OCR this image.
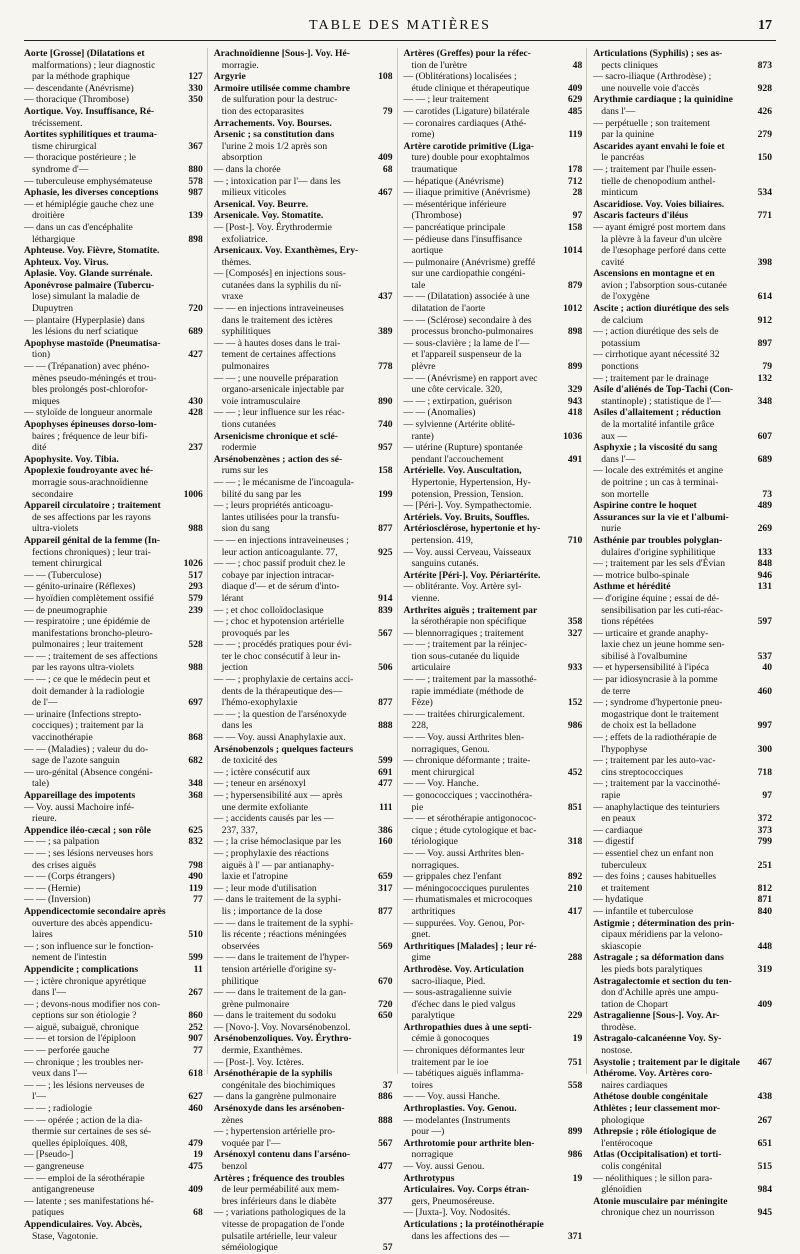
TABLE DES MATIÈRES	17
Aorte [Grosse] (Dilatations et
malformations) ; leur diagnostic
par la méthode graphique	127
— descendante (Anévrisme)	330
— thoracique (Thrombose)	350
Aortique. Voy. Insuffisance, Ré-
trécissement.
Aortites syphilitiques et trauma-
tisme chirurgical	367
— thoracique postérieure ; le
syndrome d'—	880
— tuberculeuse emphysémateuse	578
Aphasie, les diverses conceptions	987
— et hémiplégie gauche chez une
droitière	139
— dans un cas d'encéphalite
léthargique	898
Aphteuse. Voy. Fièvre, Stomatite.
Aphteux. Voy. Virus.
Aplasie. Voy. Glande surrénale.
Aponévrose palmaire (Tubercu-
lose) simulant la maladie de
Dupuytren	720
— plantaire (Hyperplasie) dans
les lésions du nerf sciatique	689
Apophyse mastoïde (Pneumatisa-
tion)	427
— — (Trépanation) avec phéno-
mènes pseudo-méningés et trou-
bles prolongés post-chlorofor-
miques	430
— styloïde de longueur anormale	428
Apophyses épineuses dorso-lom-
baires ; fréquence de leur bifi-
dité	237
Apophysite. Voy. Tibia.
Apoplexie foudroyante avec hé-
morragie sous-arachnoïdienne
secondaire	1006
Appareil circulatoire ; traitement
de ses affections par les rayons
ultra-violets	988
Appareil génital de la femme (In-
fections chroniques) ; leur trai-
tement chirurgical	1026
— — (Tuberculose)	517
— génito-urinaire (Réflexes)	293
— hyoïdien complètement ossifié	579
— de pneumographie	239
— respiratoire ; une épidémie de
manifestations broncho-pleuro-
pulmonaires ; leur traitement	528
— — ; traitement de ses affections
par les rayons ultra-violets	988
— — ; ce que le médecin peut et
doit demander à la radiologie
de l'—	697
— urinaire (Infections strepto-
cocciques) ; traitement par la
vaccinothérapie	868
— — (Maladies) ; valeur du do-
sage de l'azote sanguin	682
— uro-génital (Absence congéni-
tale)	348
Appareillage des impotents	368
— Voy. aussi Machoire infé-
rieure.
Appendice iléo-cæcal ; son rôle	625
— — ; sa palpation	832
— — ; ses lésions nerveuses hors
des crises aiguës	798
— — (Corps étrangers)	490
— — (Hernie)	119
— — (Inversion)	77
Appendicectomie secondaire après
ouverture des abcès appendicu-
laires	510
— ; son influence sur le fonction-
nement de l'intestin	599
Appendicite ; complications	11
— ; ictère chronique apyrétique
dans l'—	267
— ; devons-nous modifier nos con-
ceptions sur son étiologie ?	860
— aiguë, subaiguë, chronique	252
— — et torsion de l'épiploon	907
— — perforée gauche	77
— chronique ; les troubles ner-
veux dans l'—	618
— — ; les lésions nerveuses de
l'—	627
— — ; radiologie	460
— — opérée ; action de la dia-
thermie sur certaines de ses sé-
quelles épiploïques. 408,	479
— [Pseudo-]	19
— gangreneuse	475
— — emploi de la sérothérapie
antigangreneuse	409
— latente ; ses manifestations hé-
patiques	68
Appendiculaires. Voy. Abcès,
Stase, Vagotonie.
Arachnoïdienne [Sous-]. Voy. Hé-
morragie.
Argyrie	108
Armoire utilisée comme chambre
de sulfuration pour la destruc-
tion des ectoparasites	79
Arrachements. Voy. Bourses.
Arsenic ; sa constitution dans
l'urine 2 mois 1/2 après son
absorption	409
— dans la chorée	68
— ; intoxication par l'— dans les
milieux viticoles	467
Arsenical. Voy. Beurre.
Arsenicale. Voy. Stomatite.
— [Post-]. Voy. Érythrodermie
exfoliatrice.
Arsenicaux. Voy. Exanthèmes, Ery-
thèmes.
— [Composés] en injections sous-
cutanées dans la syphilis du nï-
vraxe	437
— — en injections intraveineuses
dans le traitement des ictères
syphilitiques	389
— — à hautes doses dans le trai-
tement de certaines affections
pulmonaires	778
— — ; une nouvelle préparation
organo-arsenicale injectable par
voie intramusculaire	890
— — ; leur influence sur les réac-
tions cutanées	740
Arsenicisme chronique et sclé-
rodermie	957
Arsénobenzènes ; action des sé-
rums sur les	158
— — ; le mécanisme de l'incoagula-
bilité du sang par les	199
— ; leurs propriétés anticoagu-
lantes utilisées pour la transfu-
sion du sang	877
— — en injections intraveineuses ;
leur action anticoagulante. 77,	925
— — ; choc passif produit chez le
cobaye par injection intracar-
diaque d'— et de sérum d'into-
lérant	914
— ; et choc colloïdoclasique	839
— ; choc et hypotension artérielle
provoqués par les	567
— — ; procédés pratiques pour évi-
ter le choc consécutif à leur in-
jection	506
— — ; prophylaxie de certains acci-
dents de la thérapeutique des—
l'hémo-exophylaxie	877
— — ; la question de l'arsénoxyde
dans les	888
— — Voy. aussi Anaphylaxie aux.
Arsénobenzols ; quelques facteurs
de toxicité des	599
— ; ictère consécutif aux	691
— ; teneur en arsénoxyl	477
— ; hypersensibilité aux — après
une dermite exfoliante	111
— ; accidents causés par les —
237, 337,	386
— ; la crise hémoclasique par les	160
— ; prophylaxie des réactions
aiguës à l' — par antianaphy-
laxie et l'atropine	659
— ; leur mode d'utilisation	317
— dans le traitement de la syphi-
lis ; importance de la dose	877
— — dans le traitement de la syphi-
lis récente ; réactions méningées
observées	569
— — dans le traitement de l'hyper-
tension artérielle d'origine sy-
philitique	670
— — dans le traitement de la gan-
grène pulmonaire	720
— dans le traitement du sodoku	650
— [Novo-]. Voy. Novarsénobenzol.
Arsénobenzoliques. Voy. Érythro-
dermie, Exanthèmes.
— [Post-]. Voy. Ictères.
Arsénothérapie de la syphilis
congénitale des biochimiques	37
— dans la gangrène pulmonaire	886
Arsénoxyde dans les arsénoben-
zènes	888
— ; hypertension artérielle pro-
voquée par l'—	567
Arsénoxyl contenu dans l'arséno-
benzol	477
Artères ; fréquence des troubles
de leur perméabilité aux mem-
bres inférieurs dans le diabète	377
— ; variations pathologiques de la
vitesse de propagation de l'onde
pulsatile artérielle, leur valeur
séméiologique	57
Artères (Greffes) pour la réfec-
tion de l'urètre	48
— (Oblitérations) localisées ;
étude clinique et thérapeutique	409
— — ; leur traitement	629
— carotides (Ligature) bilatérale	485
— coronaires cardiaques (Athé-
rome)	119
Artère carotide primitive (Liga-
ture) double pour exophtalmos
traumatique	178
— hépatique (Anévrisme)	712
— iliaque primitive (Anévrisme)	28
— mésentérique inférieure
(Thrombose)	97
— pancréatique principale	158
— pédieuse dans l'insuffisance
aortique	1014
— pulmonaire (Anévrisme) greffé
sur une cardiopathie congéni-
tale	879
— — (Dilatation) associée à une
dilatation de l'aorte	1012
— — (Sclérose) secondaire à des
processus broncho-pulmonaires	898
— sous-clavière ; la lame de l'—
et l'appareil suspenseur de la
plèvre	899
— — (Anévrisme) en rapport avec
une côte cervicale. 320,	329
— — ; extirpation, guérison	943
— — (Anomalies)	418
— sylvienne (Artérite oblité-
rante)	1036
— utérine (Rupture) spontanée
pendant l'accouchement	491
Artérielle. Voy. Auscultation,
Hypertonie, Hypertension, Hy-
potension, Pression, Tension.
— [Péri-]. Voy. Sympathectomie.
Artériels. Voy. Bruits, Souffles.
Artériosclérose, hypertonie et hy-
pertension. 419,	710
— Voy. aussi Cerveau, Vaisseaux
sanguins cutanés.
Artérite [Péri-]. Voy. Périartérite.
— oblitérante. Voy. Artère syl-
vienne.
Arthrites aiguës ; traitement par
la sérothérapie non spécifique	358
— blennorragiques ; traitement	327
— — ; traitement par la réinjec-
tion sous-cutanée du liquide
articulaire	933
— — ; traitement par la massothé-
rapie immédiate (méthode de
Fèze)	152
— — traitées chirurgicalement.
228,	986
— — Voy. aussi Arthrites blen-
norragiques, Genou.
— chronique déformante ; traite-
ment chirurgical	452
— — Voy. Hanche.
— gonococciques ; vaccinothéra-
pie	851
— — et sérothérapie antigonococ-
cique ; étude cytologique et bac-
tériologique	318
— — Voy. aussi Arthrites blen-
norragiques.
— grippales chez l'enfant	892
— méningococciques purulentes	210
— rhumatismales et microcoques
arthritiques	417
— suppurées. Voy. Genou, Por-
gnet.
Arthritiques [Malades] ; leur ré-
gime	288
Arthrodèse. Voy. Articulation
sacro-iliaque, Pied.
— sous-astragalienne suivie
d'échec dans le pied valgus
paralytique	229
Arthropathies dues à une septi-
cémie à gonocoques	19
— chroniques déformantes leur
traitement par le ioe	751
— tabétiques aiguës inflamma-
toires	558
— — Voy. aussi Hanche.
Arthroplasties. Voy. Genou.
— modelantes (Instruments
pour —)	899
Arthrotomie pour arthrite blen-
norragique	986
— Voy. aussi Genou.
Arthrotypus	19
Articulaires. Voy. Corps étran-
gers, Pneumoséreuse.
— [Juxta-]. Voy. Nodosités.
Articulations ; la protéinothérapie
dans les affections des —	371
Articulations (Syphilis) ; ses as-
pects cliniques	873
— sacro-iliaque (Arthrodèse) ;
une nouvelle voie d'accès	928
Arythmie cardiaque ; la quinidine
dans l'—	426
— perpétuelle ; son traitement
par la quinine	279
Ascarides ayant envahi le foie et
le pancréas	150
— ; traitement par l'huile essen-
tielle de chenopodium anthel-
minticum	534
Ascaridiose. Voy. Voies biliaires.
Ascaris facteurs d'iléus	771
— ayant émigré post mortem dans
la plèvre à la faveur d'un ulcère
de l'œsophage perforé dans cette
cavité	398
Ascensions en montagne et en
avion ; l'absorption sous-cutanée
de l'oxygène	614
Ascite ; action diurétique des sels
de calcium	912
— ; action diurétique des sels de
potassium	897
— cirrhotique ayant nécessité 32
ponctions	79
— ; traitement par le drainage	132
Asile d'aliénés de Top-Tachi (Con-
stantinople) ; statistique de l'—	348
Asiles d'allaitement ; réduction
de la mortalité infantile grâce
aux —	607
Asphyxie ; la viscosité du sang
dans l'—	689
— locale des extrémités et angine
de poitrine ; un cas à terminai-
son mortelle	73
Aspirine contre le hoquet	489
Assurances sur la vie et l'albumi-
nurie	269
Asthénie par troubles polyglan-
dulaires d'origine syphilitique	133
— ; traitement par les sels d'Évian	848
— motrice bulbo-spinale	946
Asthme et hérédité	131
— d'origine équine ; essai de dé-
sensibilisation par les cuti-réac-
tions répétées	597
— urticaire et grande anaphy-
laxie chez un jeune homme sen-
sibilisé à l'ovalbumine	537
— et hypersensibilité à l'ipéca	40
— par idiosyncrasie à la pomme
de terre	460
— ; syndrome d'hypertonie pneu-
mogastrique dont le traitement
de choix est la belladone	997
— ; effets de la radiothérapie de
l'hypophyse	300
— ; traitement par les auto-vac-
cins streptococciques	718
— ; traitement par la vaccinothé-
rapie	97
— anaphylactique des teinturiers
en peaux	372
— cardiaque	373
— digestif	799
— essentiel chez un enfant non
tuberculeux	251
— des foins ; causes habituelles
et traitement	812
— hydatique	871
— infantile et tuberculose	840
Astigmie ; détermination des prin-
cipaux méridiens par la velono-
skiascopie	448
Astragale ; sa déformation dans
les pieds bots paralytiques	319
Astragalectomie et section du ten-
don d'Achille après une ampu-
tation de Chopart	409
Astragalienne [Sous-]. Voy. Ar-
throdèse.
Astragalo-calcanéenne Voy. Sy-
nostose.
Asystolie ; traitement par le digitale	467
Athérome. Voy. Artères coro-
naires cardiaques
Athétose double congénitale	438
Athlètes ; leur classement mor-
phologique	267
Athrepsie ; rôle étiologique de
l'entérocoque	651
Atlas (Occipitalisation) et torti-
colis congénital	515
— néolithiques ; le sillon para-
glénoïdien	984
Atonie musculaire par méningite
chronique chez un nourrisson	945
